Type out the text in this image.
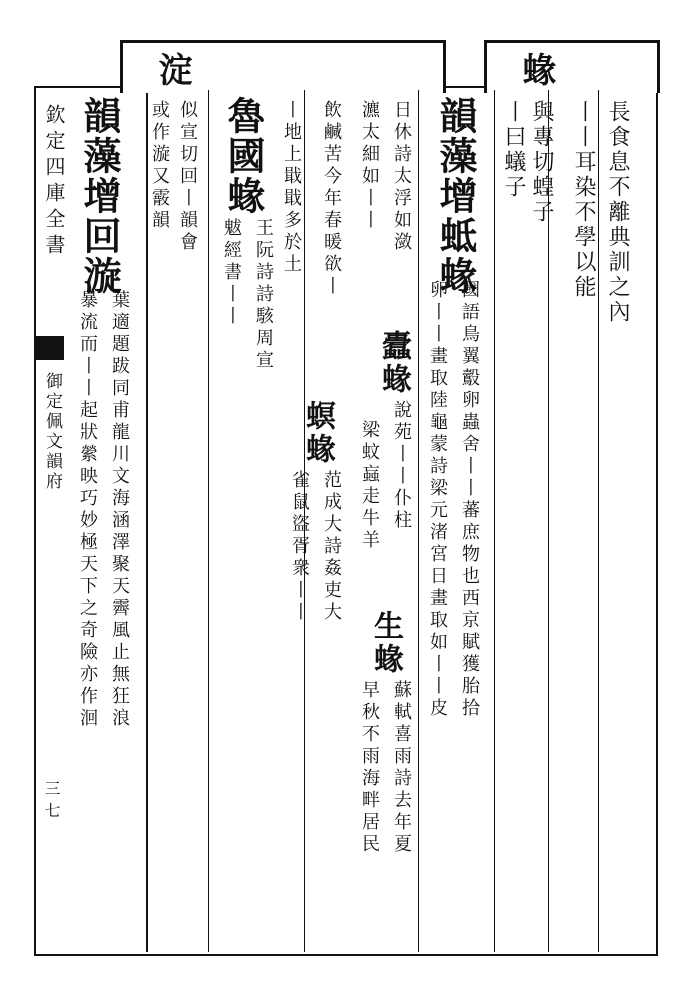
蝝
淀
欽定四庫全書
御定佩文韻府
三七
長食息不離典訓之內
丨丨耳染不學以能
與專切蝗子
丨曰蟻子
韻藻增蚳蝝
國語鳥翼鷇卵蟲舍丨丨蕃庶物也西京賦獲胎拾
卵丨丨畫取陸龜蒙詩梁元渚宮日畫取如丨丨皮
日休詩太浮如潋
蠹蝝
說苑丨丨仆柱
瀌太細如丨丨
梁蚊蝱走牛羊
生蝝
蘇軾喜雨詩去年夏
早秋不雨海畔居民
飲鹹苦今年春暖欲丨
螟蝝
范成大詩姦吏大
雀鼠盜胥衆丨丨
丨地上戢戢多於土
魯國蝝
王阮詩詩駭周宣
魃經書丨丨
似宣切回丨韻會
或作漩又霰韻
韻藻增回漩
葉適題跋同甫龍川文海涵澤聚天霽風止無狂浪
暴流而丨丨起狀縈映巧妙極天下之奇險亦作洄
